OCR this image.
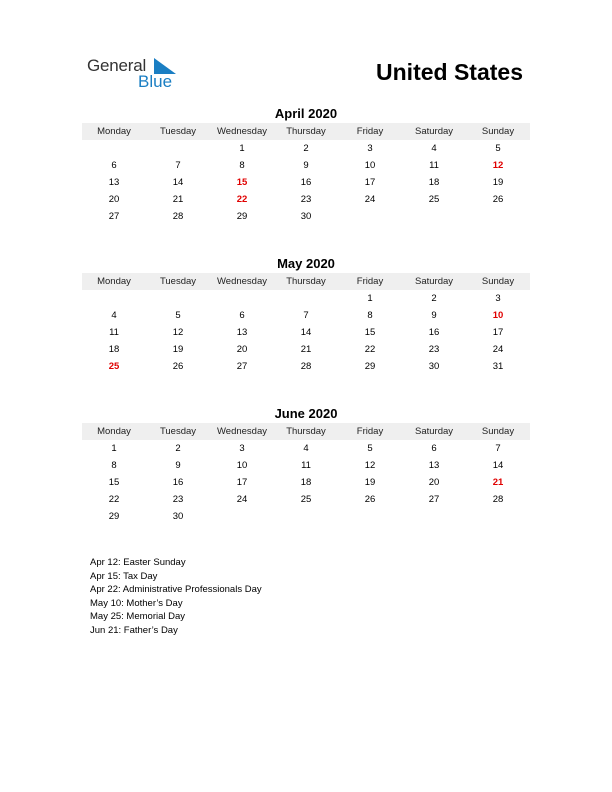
General
Blue	United States
April 2020
Monday	Tuesday	Wednesday	Thursday	Friday	Saturday	Sunday
		1	2	3	4	5
6	7	8	9	10	11	12
13	14	15	16	17	18	19
20	21	22	23	24	25	26
27	28	29	30			
May 2020
Monday	Tuesday	Wednesday	Thursday	Friday	Saturday	Sunday
				1	2	3
4	5	6	7	8	9	10
11	12	13	14	15	16	17
18	19	20	21	22	23	24
25	26	27	28	29	30	31
June 2020
Monday	Tuesday	Wednesday	Thursday	Friday	Saturday	Sunday
1	2	3	4	5	6	7
8	9	10	11	12	13	14
15	16	17	18	19	20	21
22	23	24	25	26	27	28
29	30					
Apr 12: Easter Sunday
Apr 15: Tax Day
Apr 22: Administrative Professionals Day
May 10: Mother’s Day
May 25: Memorial Day
Jun 21: Father’s Day
